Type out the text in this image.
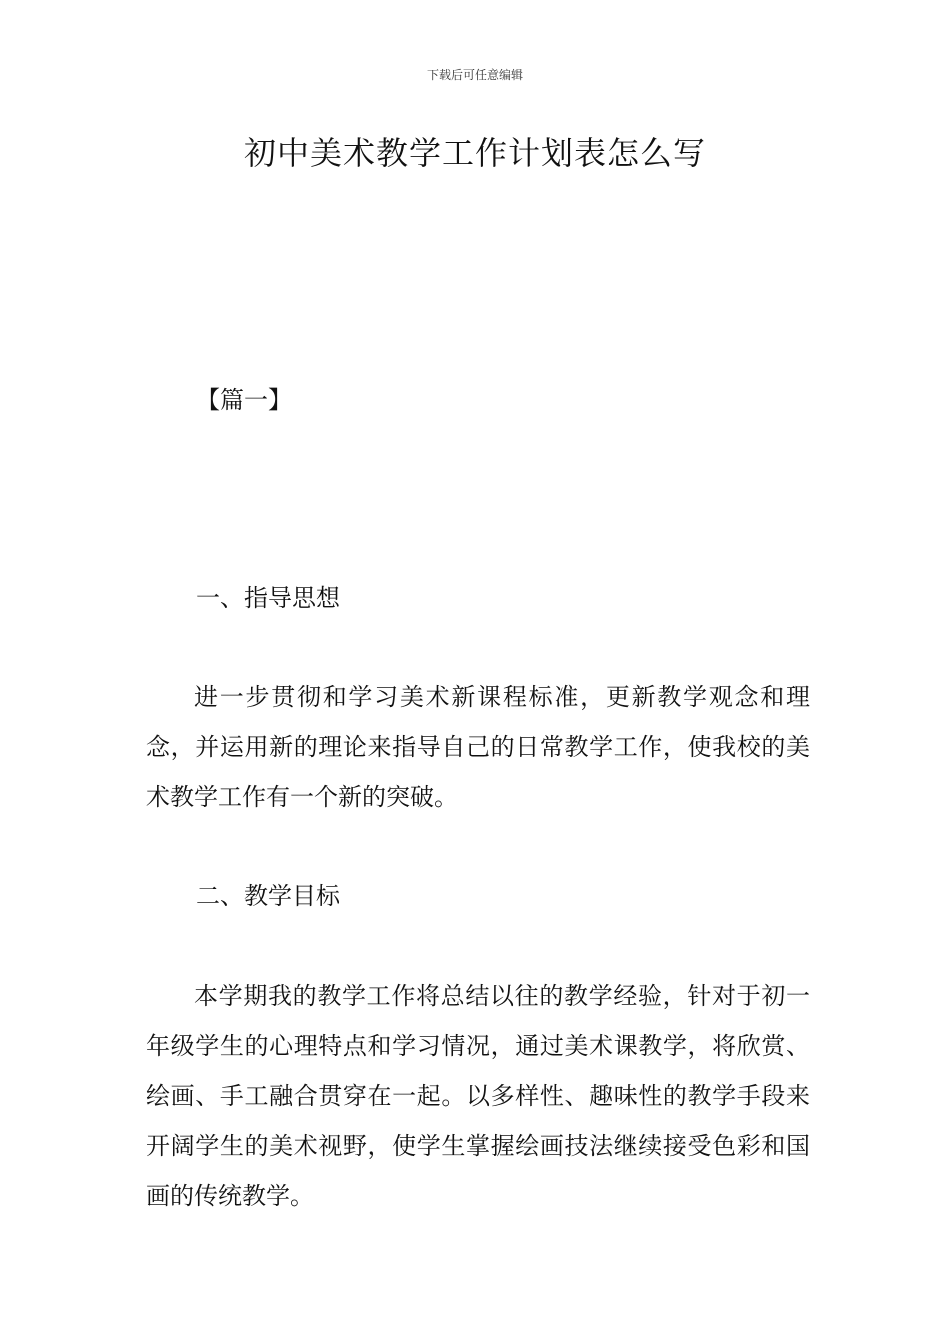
下载后可任意编辑
初中美术教学工作计划表怎么写
【篇一】
一、指导思想

进一步贯彻和学习美术新课程标准，更新教学观念和理念，并运用新的理论来指导自己的日常教学工作，使我校的美术教学工作有一个新的突破。

二、教学目标

本学期我的教学工作将总结以往的教学经验，针对于初一年级学生的心理特点和学习情况，通过美术课教学，将欣赏、绘画、手工融合贯穿在一起。以多样性、趣味性的教学手段来开阔学生的美术视野，使学生掌握绘画技法继续接受色彩和国画的传统教学。
